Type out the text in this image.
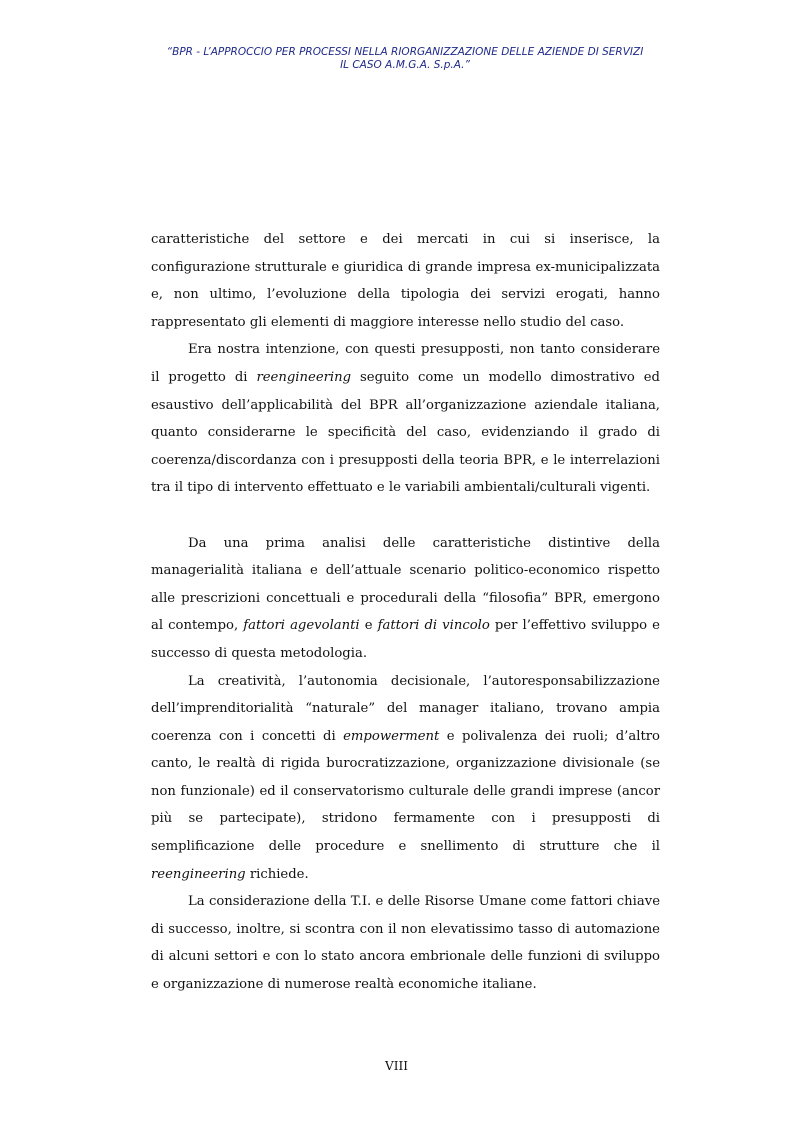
“BPR - L’APPROCCIO PER PROCESSI NELLA RIORGANIZZAZIONE DELLE AZIENDE DI SERVIZI
IL CASO A.M.G.A. S.p.A.”

caratteristiche del settore e dei mercati in cui si inserisce, la configurazione strutturale e giuridica di grande impresa ex-municipalizzata e, non ultimo, l’evoluzione della tipologia dei servizi erogati, hanno rappresentato gli elementi di maggiore interesse nello studio del caso.

Era nostra intenzione, con questi presupposti, non tanto considerare il progetto di reengineering seguito come un modello dimostrativo ed esaustivo dell’applicabilità del BPR all’organizzazione aziendale italiana, quanto considerarne le specificità del caso, evidenziando il grado di coerenza/discordanza con i presupposti della teoria BPR, e le interrelazioni tra il tipo di intervento effettuato e le variabili ambientali/culturali vigenti.

Da una prima analisi delle caratteristiche distintive della managerialità italiana e dell’attuale scenario politico-economico rispetto alle prescrizioni concettuali e procedurali della “filosofia” BPR, emergono al contempo, fattori agevolanti e fattori di vincolo per l’effettivo sviluppo e successo di questa metodologia.

La creatività, l’autonomia decisionale, l’autoresponsabilizzazione dell’imprenditorialità “naturale” del manager italiano, trovano ampia coerenza con i concetti di empowerment e polivalenza dei ruoli; d’altro canto, le realtà di rigida burocratizzazione, organizzazione divisionale (se non funzionale) ed il conservatorismo culturale delle grandi imprese (ancor più se partecipate), stridono fermamente con i presupposti di semplificazione delle procedure e snellimento di strutture che il reengineering richiede.

La considerazione della T.I. e delle Risorse Umane come fattori chiave di successo, inoltre, si scontra con il non elevatissimo tasso di automazione di alcuni settori e con lo stato ancora embrionale delle funzioni di sviluppo e organizzazione di numerose realtà economiche italiane.

VIII
